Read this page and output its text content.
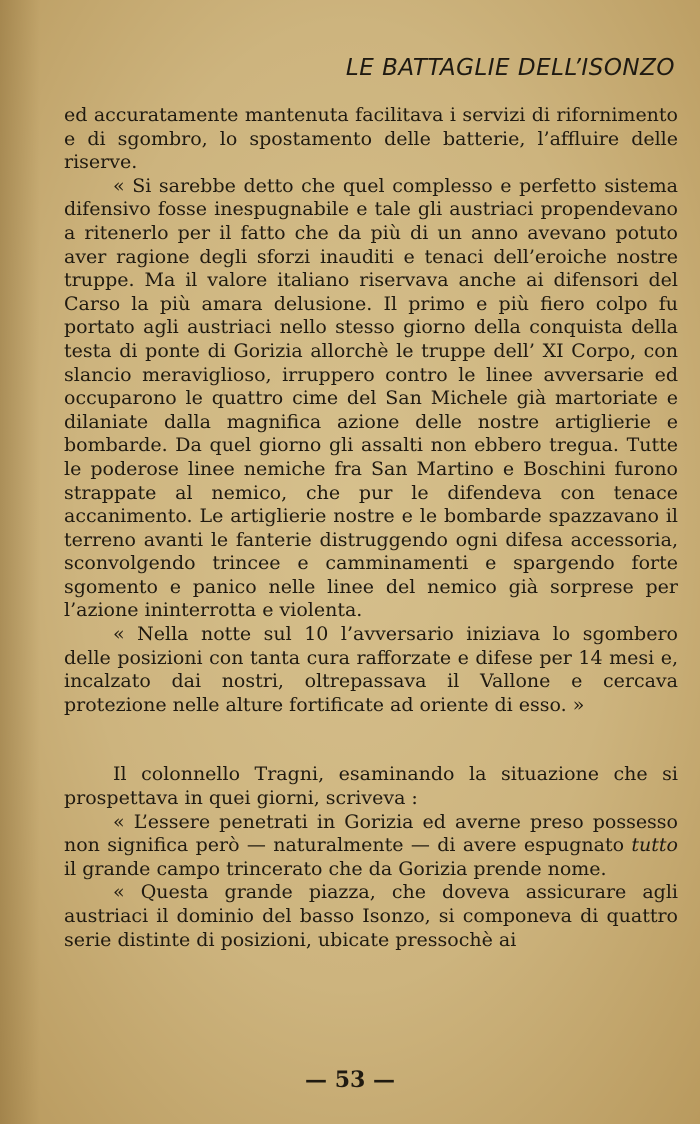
LE BATTAGLIE DELL’ISONZO

ed accuratamente mantenuta facilitava i servizi di rifornimento e di sgombro, lo spostamento delle batterie, l’affluire delle riserve.

« Si sarebbe detto che quel complesso e perfetto sistema difensivo fosse inespugnabile e tale gli austriaci propendevano a ritenerlo per il fatto che da più di un anno avevano potuto aver ragione degli sforzi inauditi e tenaci dell’eroiche nostre truppe. Ma il valore italiano riservava anche ai difensori del Carso la più amara delusione. Il primo e più fiero colpo fu portato agli austriaci nello stesso giorno della conquista della testa di ponte di Gorizia allorchè le truppe dell’ XI Corpo, con slancio meraviglioso, irruppero contro le linee avversarie ed occuparono le quattro cime del San Michele già martoriate e dilaniate dalla magnifica azione delle nostre artiglierie e bombarde. Da quel giorno gli assalti non ebbero tregua. Tutte le poderose linee nemiche fra San Martino e Boschini furono strappate al nemico, che pur le difendeva con tenace accanimento. Le artiglierie nostre e le bombarde spazzavano il terreno avanti le fanterie distruggendo ogni difesa accessoria, sconvolgendo trincee e camminamenti e spargendo forte sgomento e panico nelle linee del nemico già sorprese per l’azione ininterrotta e violenta.

« Nella notte sul 10 l’avversario iniziava lo sgombero delle posizioni con tanta cura rafforzate e difese per 14 mesi e, incalzato dai nostri, oltrepassava il Vallone e cercava protezione nelle alture fortificate ad oriente di esso. »

Il colonnello Tragni, esaminando la situazione che si prospettava in quei giorni, scriveva :

« L’essere penetrati in Gorizia ed averne preso possesso non significa però — naturalmente — di avere espugnato tutto il grande campo trincerato che da Gorizia prende nome.

« Questa grande piazza, che doveva assicurare agli austriaci il dominio del basso Isonzo, si componeva di quattro serie distinte di posizioni, ubicate pressochè ai

— 53 —
